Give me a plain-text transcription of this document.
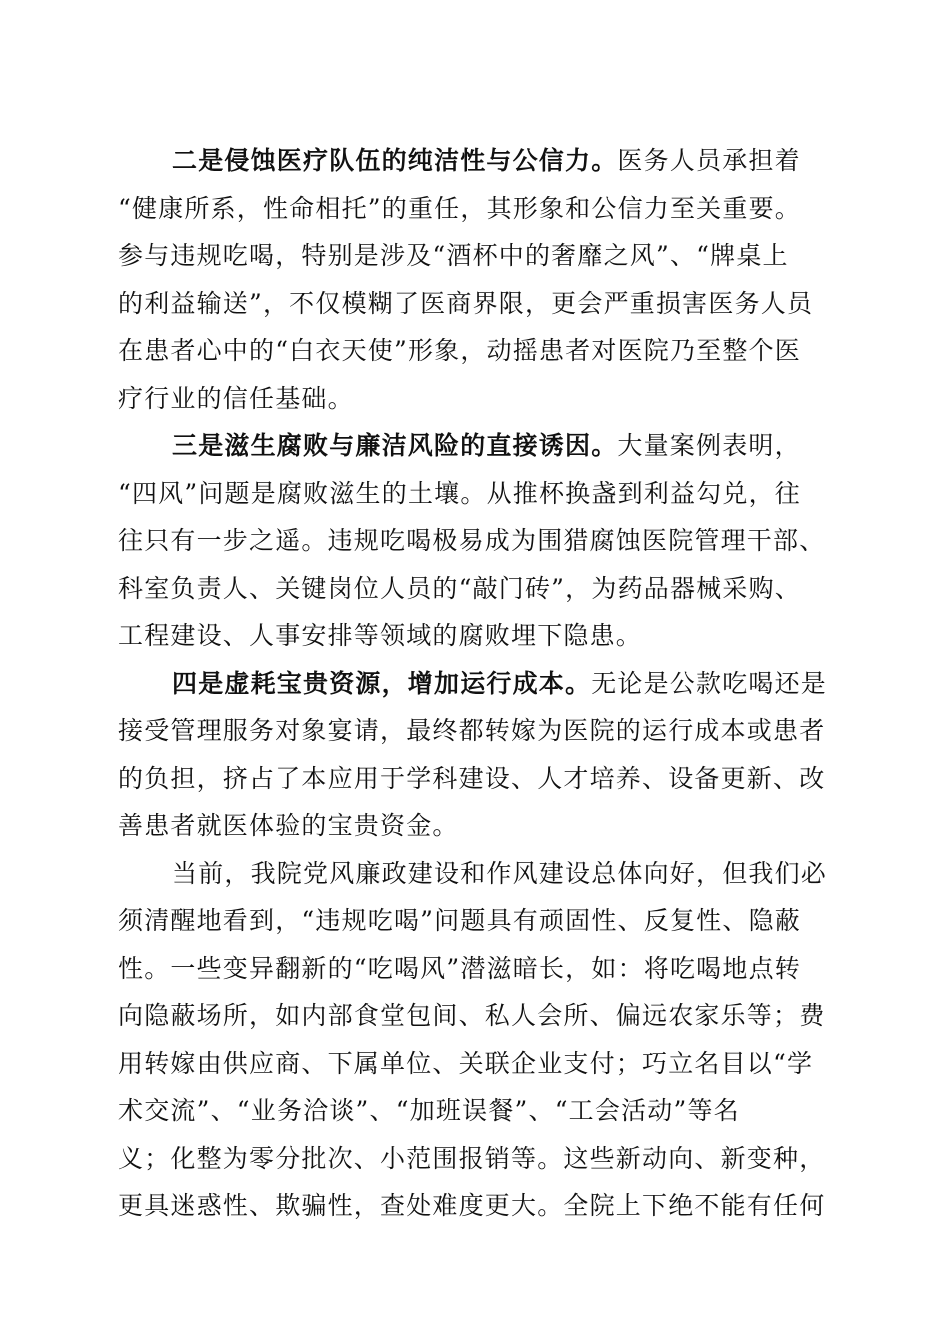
二是侵蚀医疗队伍的纯洁性与公信力。医务人员承担着
“健康所系，性命相托”的重任，其形象和公信力至关重要。
参与违规吃喝，特别是涉及“酒杯中的奢靡之风”、“牌桌上
的利益输送”，不仅模糊了医商界限，更会严重损害医务人员
在患者心中的“白衣天使”形象，动摇患者对医院乃至整个医
疗行业的信任基础。
三是滋生腐败与廉洁风险的直接诱因。大量案例表明，
“四风”问题是腐败滋生的土壤。从推杯换盏到利益勾兑，往
往只有一步之遥。违规吃喝极易成为围猎腐蚀医院管理干部、
科室负责人、关键岗位人员的“敲门砖”，为药品器械采购、
工程建设、人事安排等领域的腐败埋下隐患。
四是虚耗宝贵资源，增加运行成本。无论是公款吃喝还是
接受管理服务对象宴请，最终都转嫁为医院的运行成本或患者
的负担，挤占了本应用于学科建设、人才培养、设备更新、改
善患者就医体验的宝贵资金。
当前，我院党风廉政建设和作风建设总体向好，但我们必
须清醒地看到，“违规吃喝”问题具有顽固性、反复性、隐蔽
性。一些变异翻新的“吃喝风”潜滋暗长，如：将吃喝地点转
向隐蔽场所，如内部食堂包间、私人会所、偏远农家乐等；费
用转嫁由供应商、下属单位、关联企业支付；巧立名目以“学
术交流”、“业务洽谈”、“加班误餐”、“工会活动”等名
义；化整为零分批次、小范围报销等。这些新动向、新变种，
更具迷惑性、欺骗性，查处难度更大。全院上下绝不能有任何
